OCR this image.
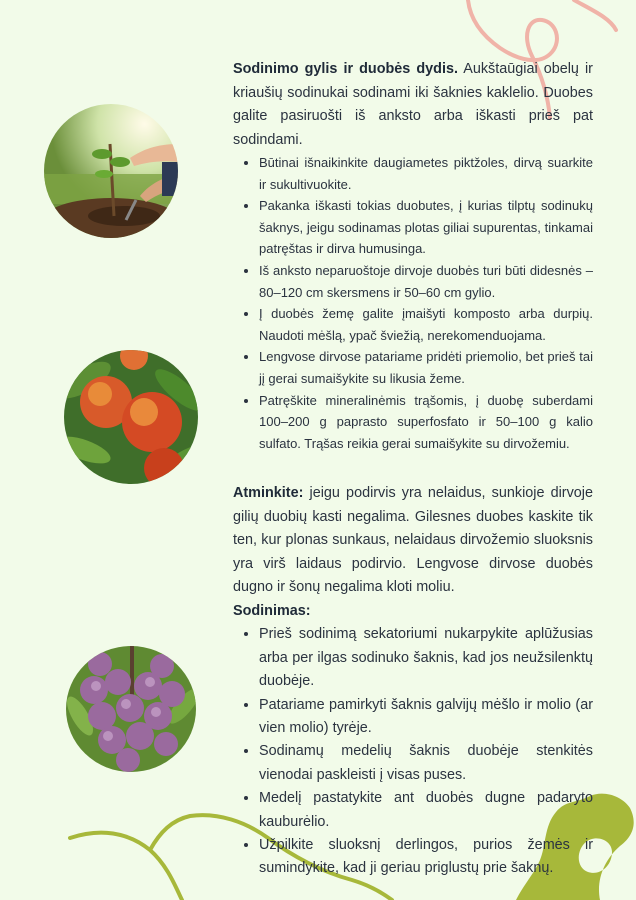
Sodinimo gylis ir duobės dydis. Aukštaūgiai obelų ir kriaušių sodinukai sodinami iki šaknies kaklelio. Duobes galite pasiruošti iš anksto arba iškasti prieš pat sodindami.

• Būtinai išnaikinkite daugiametes piktžoles, dirvą suarkite ir sukultivuokite.
• Pakanka iškasti tokias duobutes, į kurias tilptų sodinukų šaknys, jeigu sodinamas plotas giliai supurentas, tinkamai patręštas ir dirva humusinga.
• Iš anksto neparuoštoje dirvoje duobės turi būti didesnės – 80–120 cm skersmens ir 50–60 cm gylio.
• Į duobės žemę galite įmaišyti komposto arba durpių. Naudoti mėšlą, ypač šviežią, nerekomenduojama.
• Lengvose dirvose patariame pridėti priemolio, bet prieš tai jį gerai sumaišykite su likusia žeme.
• Patręškite mineralinėmis trąšomis, į duobę suberdami 100–200 g paprasto superfosfato ir 50–100 g kalio sulfato. Trąšas reikia gerai sumaišykite su dirvožemiu.

Atminkite: jeigu podirvis yra nelaidus, sunkioje dirvoje gilių duobių kasti negalima. Gilesnes duobes kaskite tik ten, kur plonas sunkaus, nelaidaus dirvožemio sluoksnis yra virš laidaus podirvio. Lengvose dirvose duobės dugno ir šonų negalima kloti moliu.

Sodinimas:

• Prieš sodinimą sekatoriumi nukarpykite aplūžusias arba per ilgas sodinuko šaknis, kad jos neužsilenktų duobėje.
• Patariame pamirkyti šaknis galvijų mėšlo ir molio (ar vien molio) tyrėje.
• Sodinamų medelių šaknis duobėje stenkitės vienodai paskleisti į visas puses.
• Medelį pastatykite ant duobės dugne padaryto kauburėlio.
• Užpilkite sluoksnį derlingos, purios žemės ir sumindykite, kad ji geriau priglustų prie šaknų.
